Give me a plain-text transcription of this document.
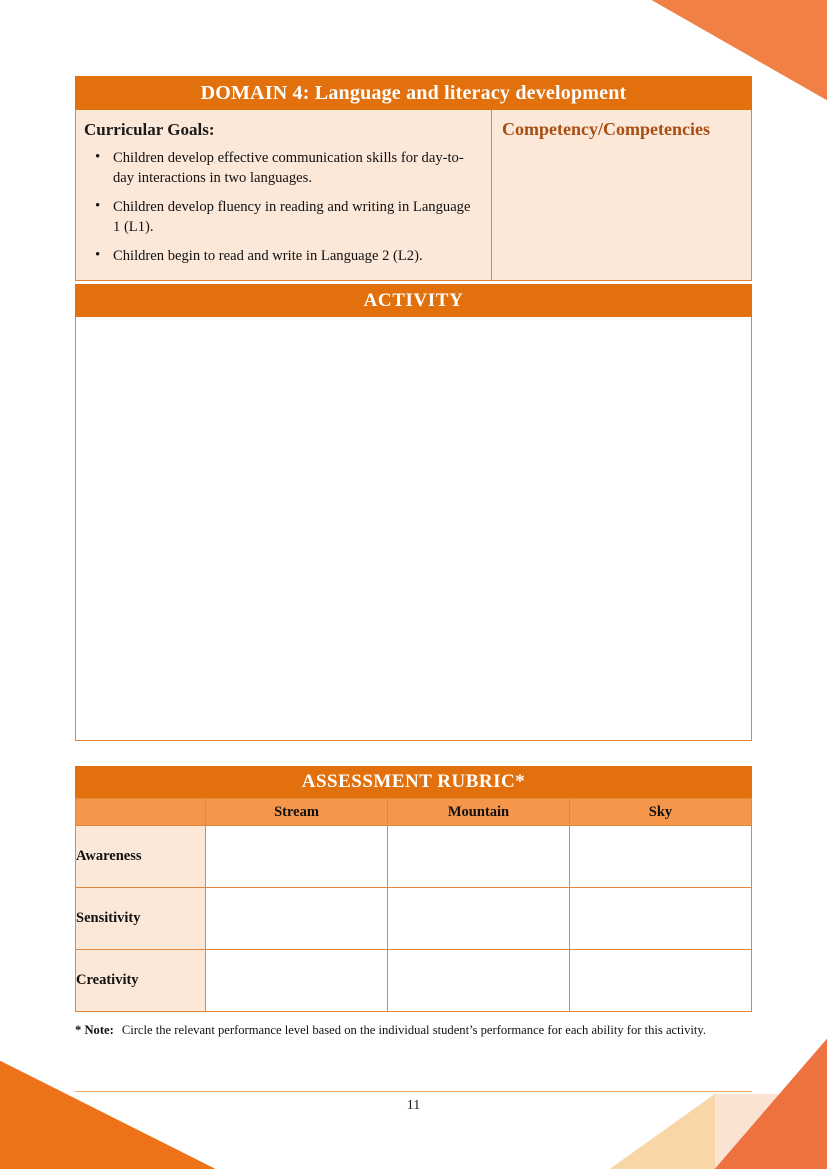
DOMAIN 4: Language and literacy development
Curricular Goals:
• Children develop effective communication skills for day-to- day interactions in two languages.
• Children develop fluency in reading and writing in Language 1 (L1).
• Children begin to read and write in Language 2 (L2).
Competency/Competencies
ACTIVITY
ASSESSMENT RUBRIC*
	Stream	Mountain	Sky
Awareness			
Sensitivity			
Creativity			
* Note: Circle the relevant performance level based on the individual student’s performance for each ability for this activity.
11
